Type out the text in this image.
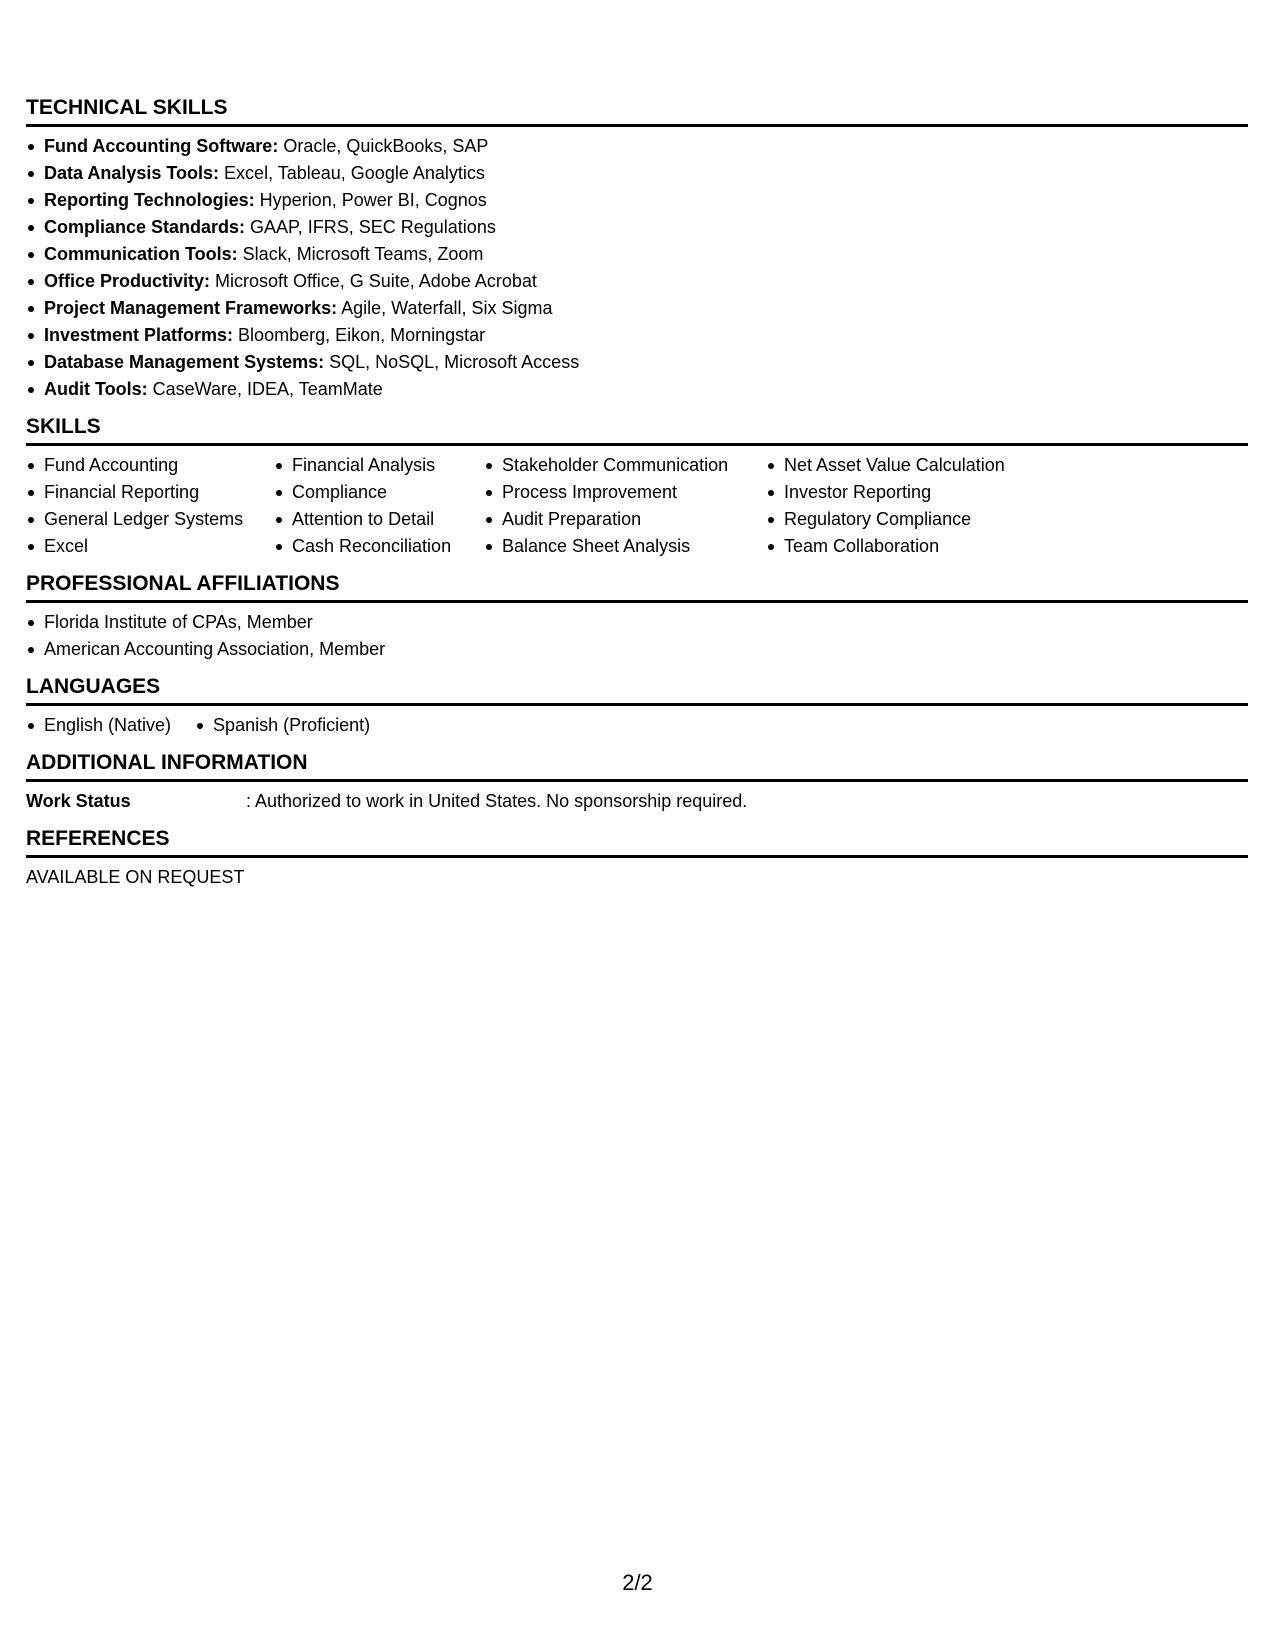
TECHNICAL SKILLS
Fund Accounting Software: Oracle, QuickBooks, SAP
Data Analysis Tools: Excel, Tableau, Google Analytics
Reporting Technologies: Hyperion, Power BI, Cognos
Compliance Standards: GAAP, IFRS, SEC Regulations
Communication Tools: Slack, Microsoft Teams, Zoom
Office Productivity: Microsoft Office, G Suite, Adobe Acrobat
Project Management Frameworks: Agile, Waterfall, Six Sigma
Investment Platforms: Bloomberg, Eikon, Morningstar
Database Management Systems: SQL, NoSQL, Microsoft Access
Audit Tools: CaseWare, IDEA, TeamMate
SKILLS
Fund Accounting
Financial Reporting
General Ledger Systems
Excel
Financial Analysis
Compliance
Attention to Detail
Cash Reconciliation
Stakeholder Communication
Process Improvement
Audit Preparation
Balance Sheet Analysis
Net Asset Value Calculation
Investor Reporting
Regulatory Compliance
Team Collaboration
PROFESSIONAL AFFILIATIONS
Florida Institute of CPAs, Member
American Accounting Association, Member
LANGUAGES
English (Native)	Spanish (Proficient)
ADDITIONAL INFORMATION
Work Status	: Authorized to work in United States. No sponsorship required.
REFERENCES
AVAILABLE ON REQUEST
2/2
